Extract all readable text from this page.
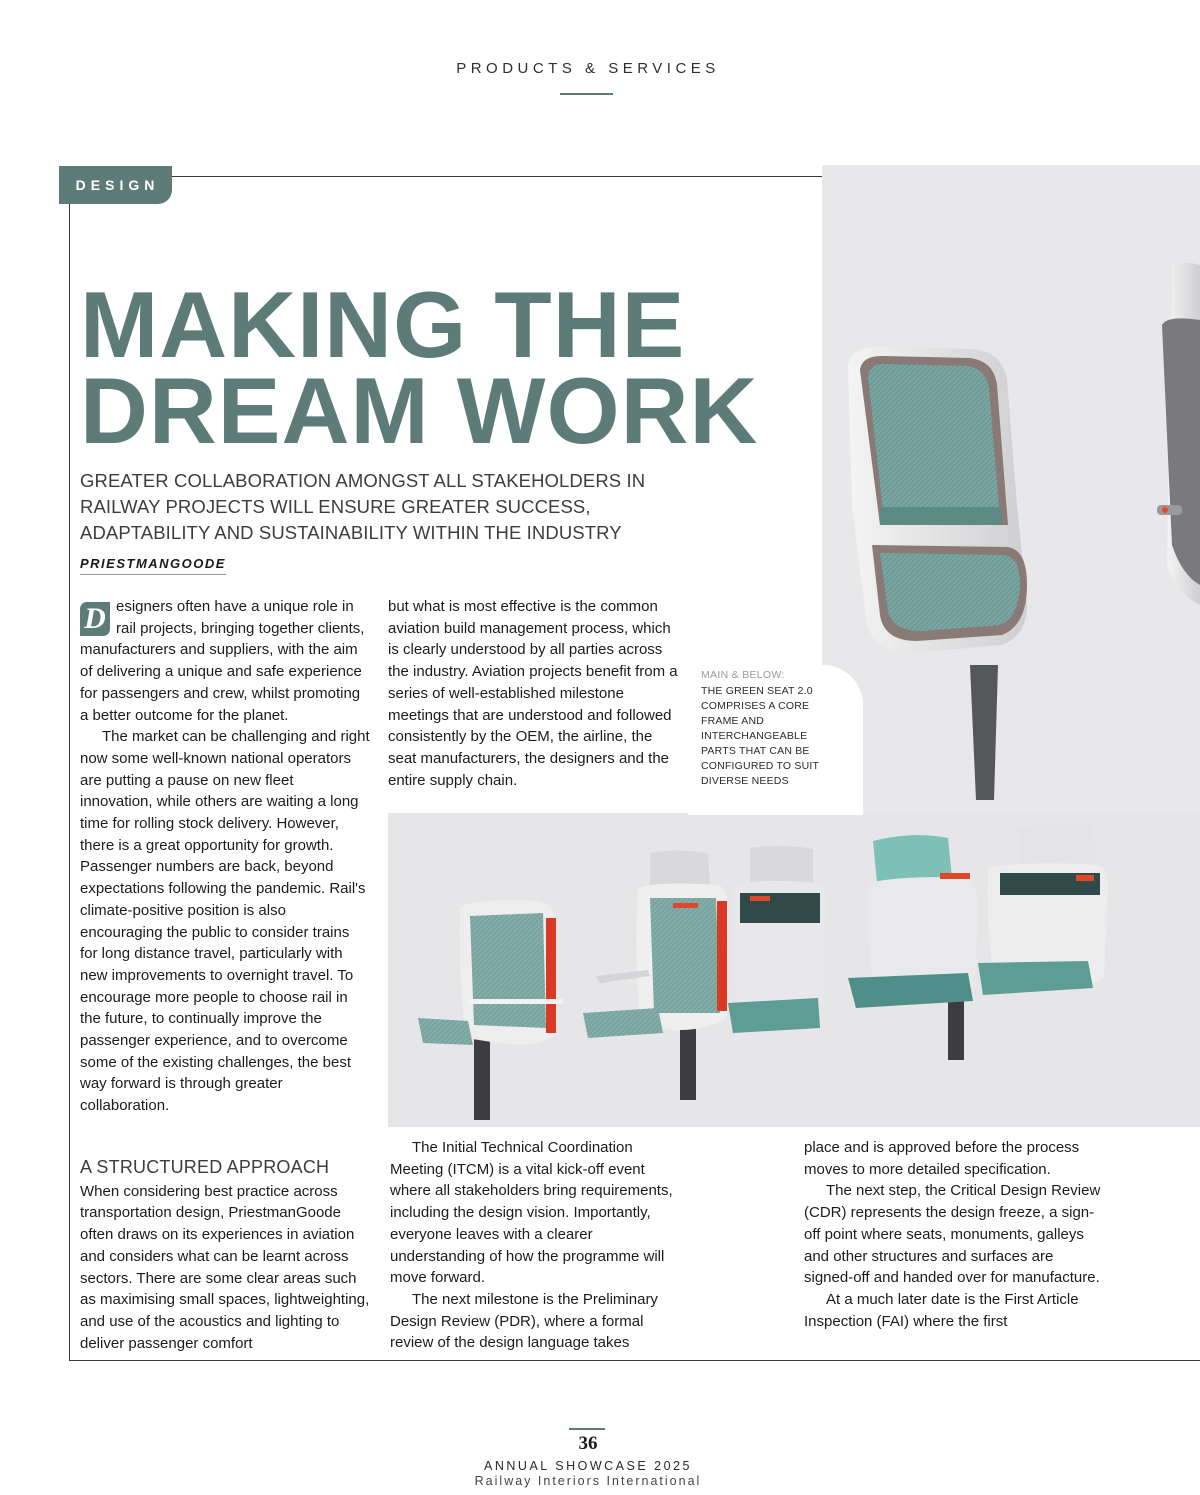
PRODUCTS & SERVICES
DESIGN
MAIN & BELOW:
THE GREEN SEAT 2.0 COMPRISES A CORE FRAME AND INTERCHANGEABLE PARTS THAT CAN BE CONFIGURED TO SUIT DIVERSE NEEDS
MAKING THE
DREAM WORK
GREATER COLLABORATION AMONGST ALL STAKEHOLDERS IN RAILWAY PROJECTS WILL ENSURE GREATER SUCCESS, ADAPTABILITY AND SUSTAINABILITY WITHIN THE INDUSTRY
PRIESTMANGOODE

D esigners often have a unique role in rail projects, bringing together clients, manufacturers and suppliers, with the aim of delivering a unique and safe experience for passengers and crew, whilst promoting a better outcome for the planet.

The market can be challenging and right now some well-known national operators are putting a pause on new fleet innovation, while others are waiting a long time for rolling stock delivery. However, there is a great opportunity for growth. Passenger numbers are back, beyond expectations following the pandemic. Rail's climate-positive position is also encouraging the public to consider trains for long distance travel, particularly with new improvements to overnight travel. To encourage more people to choose rail in the future, to continually improve the passenger experience, and to overcome some of the existing challenges, the best way forward is through greater collaboration.

A STRUCTURED APPROACH

When considering best practice across transportation design, PriestmanGoode often draws on its experiences in aviation and considers what can be learnt across sectors. There are some clear areas such as maximising small spaces, lightweighting, and use of the acoustics and lighting to deliver passenger comfort

but what is most effective is the common aviation build management process, which is clearly understood by all parties across the industry. Aviation projects benefit from a series of well-established milestone meetings that are understood and followed consistently by the OEM, the airline, the seat manufacturers, the designers and the entire supply chain.

The Initial Technical Coordination Meeting (ITCM) is a vital kick-off event where all stakeholders bring requirements, including the design vision. Importantly, everyone leaves with a clearer understanding of how the programme will move forward.

The next milestone is the Preliminary Design Review (PDR), where a formal review of the design language takes

place and is approved before the process moves to more detailed specification.

The next step, the Critical Design Review (CDR) represents the design freeze, a sign-off point where seats, monuments, galleys and other structures and surfaces are signed-off and handed over for manufacture.

At a much later date is the First Article Inspection (FAI) where the first

36
ANNUAL SHOWCASE 2025
Railway Interiors International
